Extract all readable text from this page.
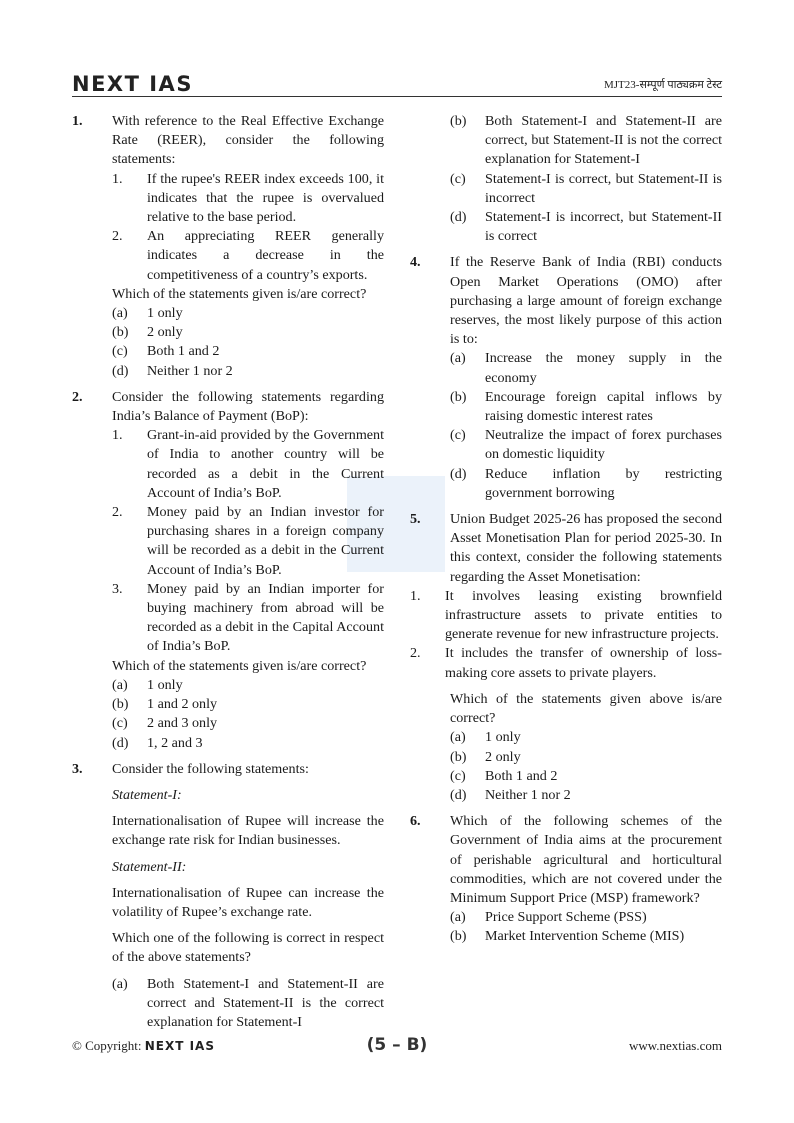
NEXT IAS	MJT23-सम्पूर्ण पाठ्यक्रम टेस्ट
1.	With reference to the Real Effective Exchange Rate (REER), consider the following statements:
1.	If the rupee's REER index exceeds 100, it indicates that the rupee is overvalued relative to the base period.
2.	An appreciating REER generally indicates a decrease in the competitiveness of a country’s exports.
Which of the statements given is/are correct?
(a)	1 only
(b)	2 only
(c)	Both 1 and 2
(d)	Neither 1 nor 2
2.	Consider the following statements regarding India’s Balance of Payment (BoP):
1.	Grant-in-aid provided by the Government of India to another country will be recorded as a debit in the Current Account of India’s BoP.
2.	Money paid by an Indian investor for purchasing shares in a foreign company will be recorded as a debit in the Current Account of India’s BoP.
3.	Money paid by an Indian importer for buying machinery from abroad will be recorded as a debit in the Capital Account of India’s BoP.
Which of the statements given is/are correct?
(a)	1 only
(b)	1 and 2 only
(c)	2 and 3 only
(d)	1, 2 and 3
3.	Consider the following statements:
Statement-I:
Internationalisation of Rupee will increase the exchange rate risk for Indian businesses.
Statement-II:
Internationalisation of Rupee can increase the volatility of Rupee’s exchange rate.
Which one of the following is correct in respect of the above statements?
(a)	Both Statement-I and Statement-II are correct and Statement-II is the correct explanation for Statement-I
(b)	Both Statement-I and Statement-II are correct, but Statement-II is not the correct explanation for Statement-I
(c)	Statement-I is correct, but Statement-II is incorrect
(d)	Statement-I is incorrect, but Statement-II is correct
4.	If the Reserve Bank of India (RBI) conducts Open Market Operations (OMO) after purchasing a large amount of foreign exchange reserves, the most likely purpose of this action is to:
(a)	Increase the money supply in the economy
(b)	Encourage foreign capital inflows by raising domestic interest rates
(c)	Neutralize the impact of forex purchases on domestic liquidity
(d)	Reduce inflation by restricting government borrowing
5.	Union Budget 2025-26 has proposed the second Asset Monetisation Plan for period 2025-30. In this context, consider the following statements regarding the Asset Monetisation:
1.	It involves leasing existing brownfield infrastructure assets to private entities to generate revenue for new infrastructure projects.
2.	It includes the transfer of ownership of loss-making core assets to private players.
Which of the statements given above is/are correct?
(a)	1 only
(b)	2 only
(c)	Both 1 and 2
(d)	Neither 1 nor 2
6.	Which of the following schemes of the Government of India aims at the procurement of perishable agricultural and horticultural commodities, which are not covered under the Minimum Support Price (MSP) framework?
(a)	Price Support Scheme (PSS)
(b)	Market Intervention Scheme (MIS)
© Copyright: NEXT IAS	(5 – B)	www.nextias.com
